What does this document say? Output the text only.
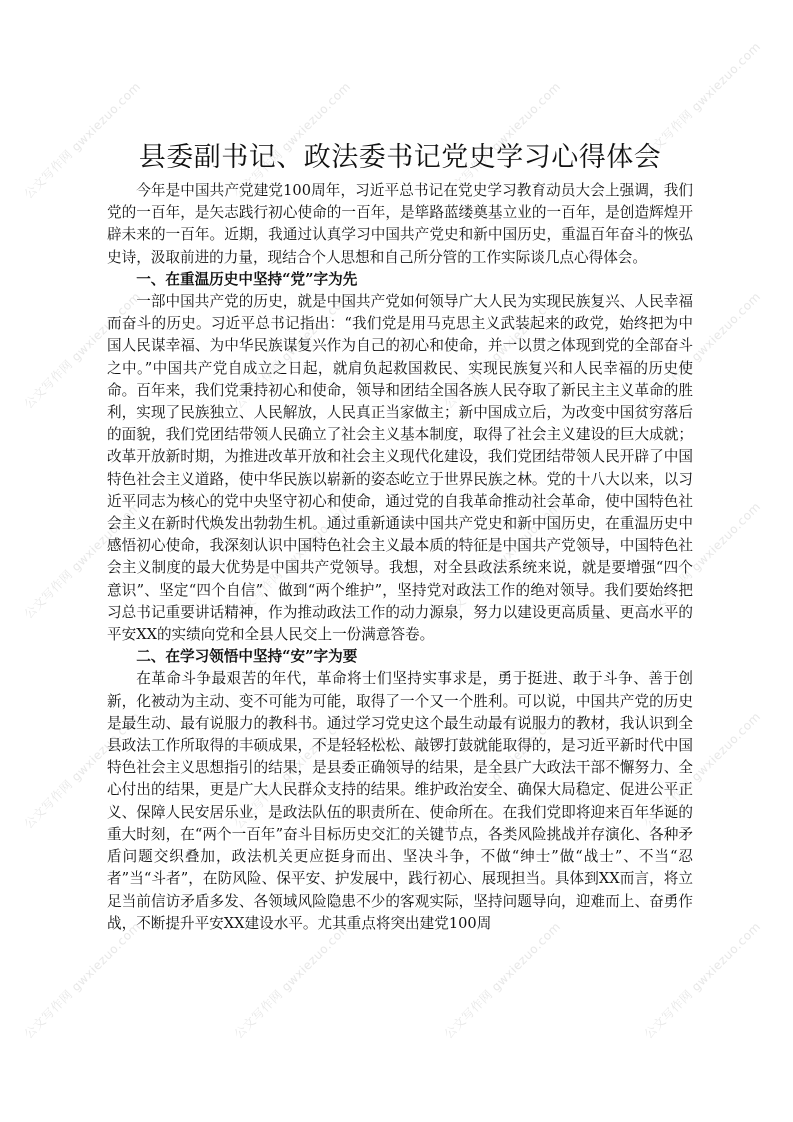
公文写作网 gwxiezuo.com	公文写作网 gwxiezuo.com	公文写作网 gwxiezuo.com	公文写作网 gwxiezuo.com
公文写作网 gwxiezuo.com	公文写作网 gwxiezuo.com	公文写作网 gwxiezuo.com	公文写作网 gwxiezuo.com
公文写作网 gwxiezuo.com	公文写作网 gwxiezuo.com	公文写作网 gwxiezuo.com	公文写作网 gwxiezuo.com
公文写作网 gwxiezuo.com	公文写作网 gwxiezuo.com	公文写作网 gwxiezuo.com	公文写作网 gwxiezuo.com
公文写作网 gwxiezuo.com	公文写作网 gwxiezuo.com	公文写作网 gwxiezuo.com	公文写作网 gwxiezuo.com
县委副书记、政法委书记党史学习心得体会

今年是中国共产党建党100周年，习近平总书记在党史学习教育动员大会上强调，我们党的一百年，是矢志践行初心使命的一百年，是筚路蓝缕奠基立业的一百年，是创造辉煌开辟未来的一百年。近期，我通过认真学习中国共产党史和新中国历史，重温百年奋斗的恢弘史诗，汲取前进的力量，现结合个人思想和自己所分管的工作实际谈几点心得体会。

一、在重温历史中坚持“党”字为先

一部中国共产党的历史，就是中国共产党如何领导广大人民为实现民族复兴、人民幸福而奋斗的历史。习近平总书记指出：“我们党是用马克思主义武装起来的政党，始终把为中国人民谋幸福、为中华民族谋复兴作为自己的初心和使命，并一以贯之体现到党的全部奋斗之中。”中国共产党自成立之日起，就肩负起救国救民、实现民族复兴和人民幸福的历史使命。百年来，我们党秉持初心和使命，领导和团结全国各族人民夺取了新民主主义革命的胜利，实现了民族独立、人民解放，人民真正当家做主；新中国成立后，为改变中国贫穷落后的面貌，我们党团结带领人民确立了社会主义基本制度，取得了社会主义建设的巨大成就；改革开放新时期，为推进改革开放和社会主义现代化建设，我们党团结带领人民开辟了中国特色社会主义道路，使中华民族以崭新的姿态屹立于世界民族之林。党的十八大以来，以习近平同志为核心的党中央坚守初心和使命，通过党的自我革命推动社会革命，使中国特色社会主义在新时代焕发出勃勃生机。通过重新通读中国共产党史和新中国历史，在重温历史中感悟初心使命，我深刻认识中国特色社会主义最本质的特征是中国共产党领导，中国特色社会主义制度的最大优势是中国共产党领导。我想，对全县政法系统来说，就是要增强“四个意识”、坚定“四个自信”、做到“两个维护”，坚持党对政法工作的绝对领导。我们要始终把习总书记重要讲话精神，作为推动政法工作的动力源泉，努力以建设更高质量、更高水平的平安XX的实绩向党和全县人民交上一份满意答卷。

二、在学习领悟中坚持“安”字为要

在革命斗争最艰苦的年代，革命将士们坚持实事求是，勇于挺进、敢于斗争、善于创新，化被动为主动、变不可能为可能，取得了一个又一个胜利。可以说，中国共产党的历史是最生动、最有说服力的教科书。通过学习党史这个最生动最有说服力的教材，我认识到全县政法工作所取得的丰硕成果，不是轻轻松松、敲锣打鼓就能取得的，是习近平新时代中国特色社会主义思想指引的结果，是县委正确领导的结果，是全县广大政法干部不懈努力、全心付出的结果，更是广大人民群众支持的结果。维护政治安全、确保大局稳定、促进公平正义、保障人民安居乐业，是政法队伍的职责所在、使命所在。在我们党即将迎来百年华诞的重大时刻，在“两个一百年”奋斗目标历史交汇的关键节点，各类风险挑战并存演化、各种矛盾问题交织叠加，政法机关更应挺身而出、坚决斗争，不做“绅士”做“战士”、不当“忍者”当“斗者”，在防风险、保平安、护发展中，践行初心、展现担当。具体到XX而言，将立足当前信访矛盾多发、各领域风险隐患不少的客观实际，坚持问题导向，迎难而上、奋勇作战，不断提升平安XX建设水平。尤其重点将突出建党100周
